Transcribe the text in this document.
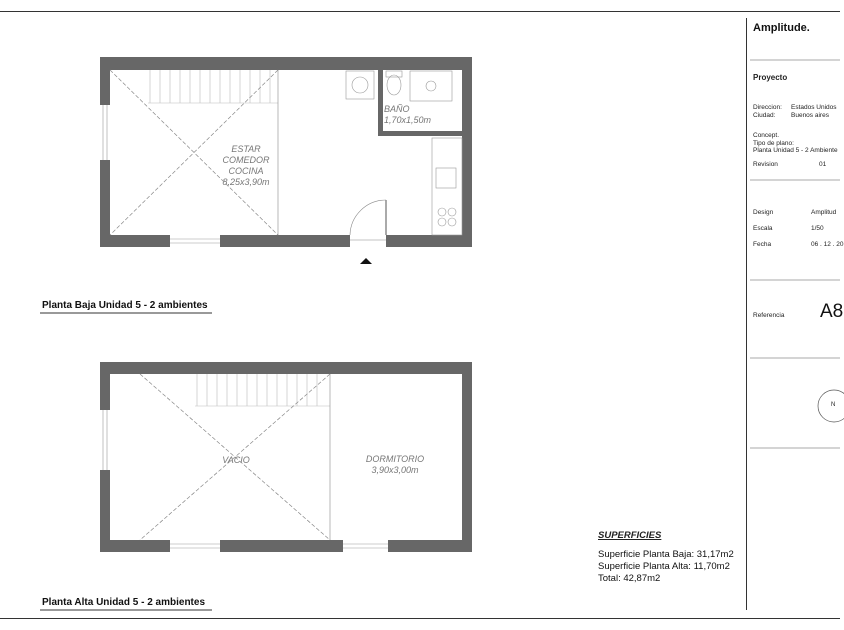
ESTAR
COMEDOR
COCINA
8,25x3,90m
BAÑO
1,70x1,50m
Planta Baja Unidad 5 - 2 ambientes
VACIO	DORMITORIO
3,90x3,00m
Planta Alta Unidad 5 - 2 ambientes
SUPERFICIES
Superficie Planta Baja: 31,17m2
Superficie Planta Alta: 11,70m2
Total: 42,87m2
Amplitude.
Proyecto
Direccion: Estados Unidos
Ciudad: Buenos aires
Concept.
Tipo de plano:
Planta Unidad 5 - 2 Ambiente
Revision	01
Design	Amplitud
Escala	1/50
Fecha	06 . 12 . 20
Referencia A8
N
